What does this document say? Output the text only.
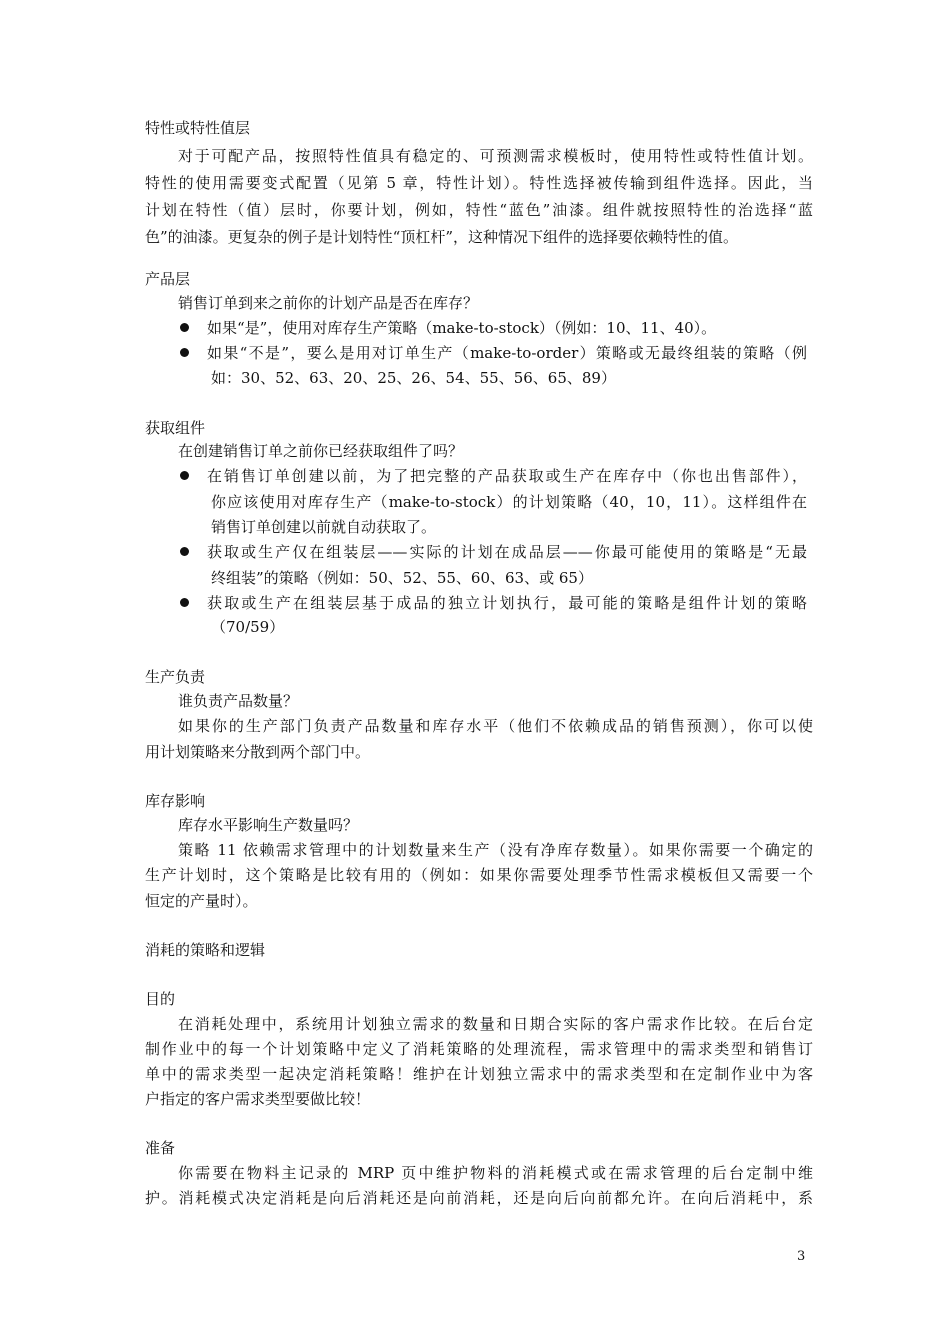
特性或特性值层
对于可配产品，按照特性值具有稳定的、可预测需求模板时，使用特性或特性值计划。
特性的使用需要变式配置（见第 5 章，特性计划）。特性选择被传输到组件选择。因此，当
计划在特性（值）层时，你要计划，例如，特性“蓝色”油漆。组件就按照特性的治选择“蓝
色”的油漆。更复杂的例子是计划特性“顶杠杆”，这种情况下组件的选择要依赖特性的值。
产品层
销售订单到来之前你的计划产品是否在库存？
如果“是”，使用对库存生产策略（make-to-stock）（例如：10、11、40）。
如果“不是”，要么是用对订单生产（make-to-order）策略或无最终组装的策略（例
如：30、52、63、20、25、26、54、55、56、65、89）
获取组件
在创建销售订单之前你已经获取组件了吗？
在销售订单创建以前，为了把完整的产品获取或生产在库存中（你也出售部件），
你应该使用对库存生产（make-to-stock）的计划策略（40，10，11）。这样组件在
销售订单创建以前就自动获取了。
获取或生产仅在组装层——实际的计划在成品层——你最可能使用的策略是“无最
终组装”的策略（例如：50、52、55、60、63、或 65）
获取或生产在组装层基于成品的独立计划执行，最可能的策略是组件计划的策略
（70/59）
生产负责
谁负责产品数量？
如果你的生产部门负责产品数量和库存水平（他们不依赖成品的销售预测），你可以使
用计划策略来分散到两个部门中。
库存影响
库存水平影响生产数量吗？
策略 11 依赖需求管理中的计划数量来生产（没有净库存数量）。如果你需要一个确定的
生产计划时，这个策略是比较有用的（例如：如果你需要处理季节性需求模板但又需要一个
恒定的产量时）。
消耗的策略和逻辑
目的
在消耗处理中，系统用计划独立需求的数量和日期合实际的客户需求作比较。在后台定
制作业中的每一个计划策略中定义了消耗策略的处理流程，需求管理中的需求类型和销售订
单中的需求类型一起决定消耗策略！维护在计划独立需求中的需求类型和在定制作业中为客
户指定的客户需求类型要做比较！
准备
你需要在物料主记录的 MRP 页中维护物料的消耗模式或在需求管理的后台定制中维
护。消耗模式决定消耗是向后消耗还是向前消耗，还是向后向前都允许。在向后消耗中，系
3
